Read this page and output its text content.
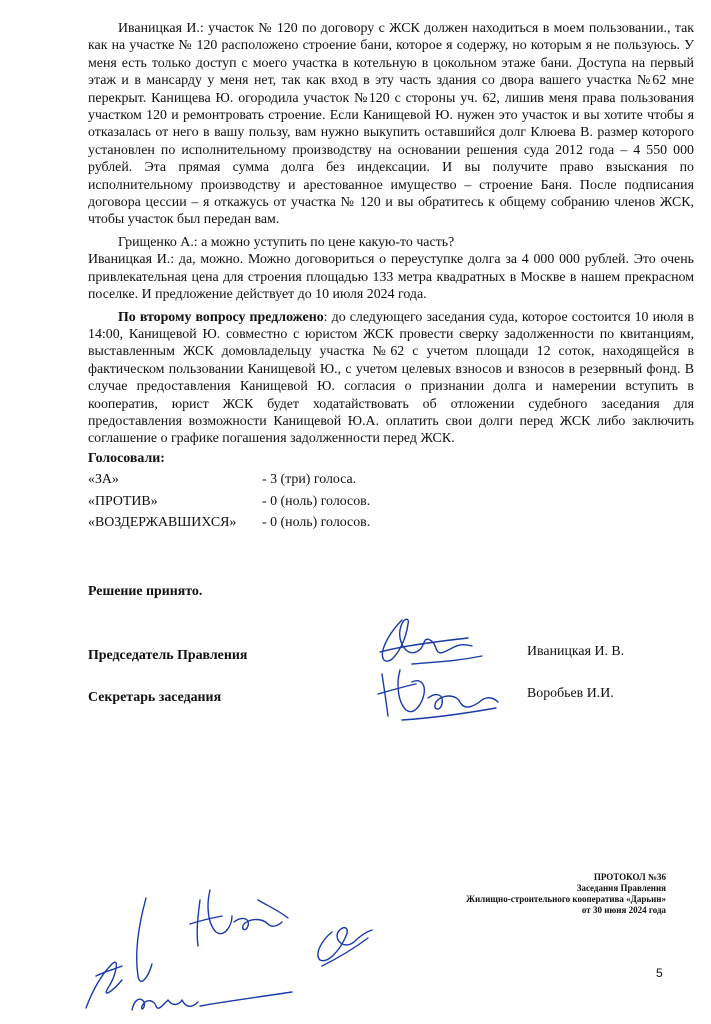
Иваницкая И.: участок № 120 по договору с ЖСК должен находиться в моем пользовании., так как на участке № 120 расположено строение бани, которое я содержу, но которым я не пользуюсь. У меня есть только доступ с моего участка в котельную в цокольном этаже бани. Доступа на первый этаж и в мансарду у меня нет, так как вход в эту часть здания со двора вашего участка №62 мне перекрыт. Канищева Ю. огородила участок №120 с стороны уч. 62, лишив меня права пользования участком 120 и ремонтровать строение. Если Канищевой Ю. нужен это участок и вы хотите чтобы я отказалась от него в вашу пользу, вам нужно выкупить оставшийся долг Клюева В. размер которого установлен по исполнительному производству на основании решения суда 2012 года – 4 550 000 рублей. Эта прямая сумма долга без индексации. И вы получите право взыскания по исполнительному производству и арестованное имущество – строение Баня. После подписания договора цессии – я откажусь от участка № 120 и вы обратитесь к общему собранию членов ЖСК, чтобы участок был передан вам.

Грищенко А.: а можно уступить по цене какую-то часть?

Иваницкая И.: да, можно. Можно договориться о переуступке долга за 4 000 000 рублей. Это очень привлекательная цена для строения площадью 133 метра квадратных в Москве в нашем прекрасном поселке. И предложение действует до 10 июля 2024 года.

По второму вопросу предложено: до следующего заседания суда, которое состоится 10 июля в 14:00, Канищевой Ю. совместно с юристом ЖСК провести сверку задолженности по квитанциям, выставленным ЖСК домовладельцу участка №62 с учетом площади 12 соток, находящейся в фактическом пользовании Канищевой Ю., с учетом целевых взносов и взносов в резервный фонд. В случае предоставления Канищевой Ю. согласия о признании долга и намерении вступить в кооператив, юрист ЖСК будет ходатайствовать об отложении судебного заседания для предоставления возможности Канищевой Ю.А. оплатить свои долги перед ЖСК либо заключить соглашение о графике погашения задолженности перед ЖСК.

Голосовали:

«ЗА»	- 3 (три) голоса.
«ПРОТИВ»	- 0 (ноль) голосов.
«ВОЗДЕРЖАВШИХСЯ»	- 0 (ноль) голосов.
Решение принято.
Председатель Правления	Иваницкая И. В.
Секретарь заседания	Воробьев И.И.
ПРОТОКОЛ №36
Заседания Правления
Жилищно-строительного кооператива «Дарьин»
от 30 июня 2024 года
5
